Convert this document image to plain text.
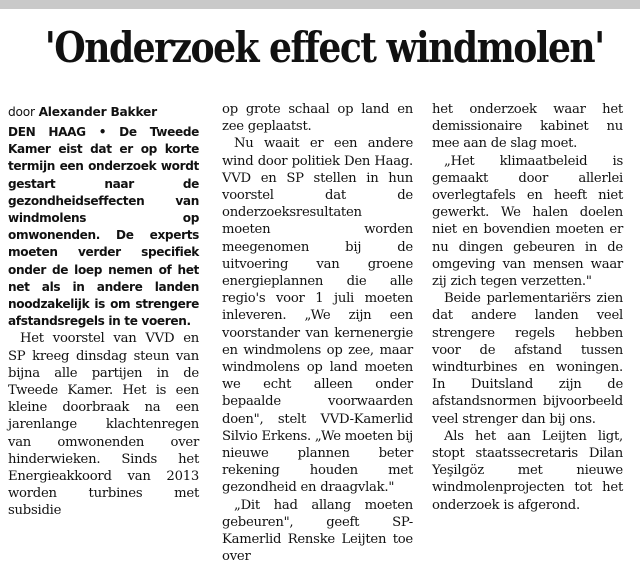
'Onderzoek effect windmolen'
door Alexander Bakker

DEN HAAG • De Tweede Kamer eist dat er op korte termijn een onderzoek wordt gestart naar de gezondheidseffecten van windmolens op omwonenden. De experts moeten verder specifiek onder de loep nemen of het net als in andere landen noodzakelijk is om strengere afstandsregels in te voeren.

Het voorstel van VVD en SP kreeg dinsdag steun van bijna alle partijen in de Tweede Kamer. Het is een kleine doorbraak na een jarenlange klachtenregen van omwonenden over hinderwieken. Sinds het Energieakkoord van 2013 worden turbines met subsidie

op grote schaal op land en zee geplaatst.

Nu waait er een andere wind door politiek Den Haag. VVD en SP stellen in hun voorstel dat de onderzoeksresultaten moeten worden meegenomen bij de uitvoering van groene energieplannen die alle regio's voor 1 juli moeten inleveren. „We zijn een voorstander van kernenergie en windmolens op zee, maar windmolens op land moeten we echt alleen onder bepaalde voorwaarden doen", stelt VVD-Kamerlid Silvio Erkens. „We moeten bij nieuwe plannen beter rekening houden met gezondheid en draagvlak."

„Dit had allang moeten gebeuren", geeft SP-Kamerlid Renske Leijten toe over

het onderzoek waar het demissionaire kabinet nu mee aan de slag moet.

„Het klimaatbeleid is gemaakt door allerlei overlegtafels en heeft niet gewerkt. We halen doelen niet en bovendien moeten er nu dingen gebeuren in de omgeving van mensen waar zij zich tegen verzetten."

Beide parlementariërs zien dat andere landen veel strengere regels hebben voor de afstand tussen windturbines en woningen. In Duitsland zijn de afstandsnormen bijvoorbeeld veel strenger dan bij ons.

Als het aan Leijten ligt, stopt staatssecretaris Dilan Yeşilgöz met nieuwe windmolenprojecten tot het onderzoek is afgerond.
